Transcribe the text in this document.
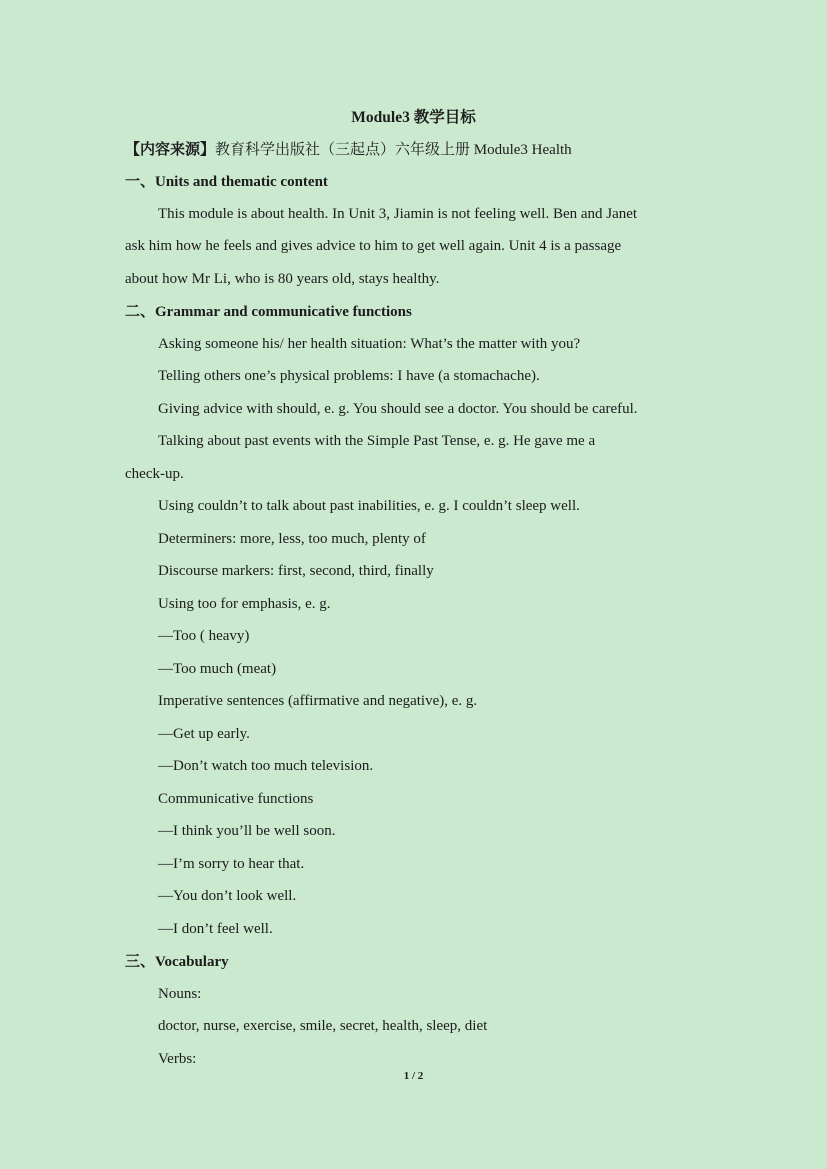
Module3 教学目标
【内容来源】教育科学出版社（三起点）六年级上册 Module3 Health
一、Units and thematic content
This module is about health. In Unit 3, Jiamin is not feeling well. Ben and Janet
ask him how he feels and gives advice to him to get well again. Unit 4 is a passage
about how Mr Li, who is 80 years old, stays healthy.
二、Grammar and communicative functions
Asking someone his/ her health situation: What’s the matter with you?
Telling others one’s physical problems: I have (a stomachache).
Giving advice with should, e. g. You should see a doctor. You should be careful.
Talking about past events with the Simple Past Tense, e. g. He gave me a
check-up.
Using couldn’t to talk about past inabilities, e. g. I couldn’t sleep well.
Determiners: more, less, too much, plenty of
Discourse markers: first, second, third, finally
Using too for emphasis, e. g.
—Too ( heavy)
—Too much (meat)
Imperative sentences (affirmative and negative), e. g.
—Get up early.
—Don’t watch too much television.
Communicative functions
—I think you’ll be well soon.
—I’m sorry to hear that.
—You don’t look well.
—I don’t feel well.
三、Vocabulary
Nouns:
doctor, nurse, exercise, smile, secret, health, sleep, diet
Verbs:
1 / 2
